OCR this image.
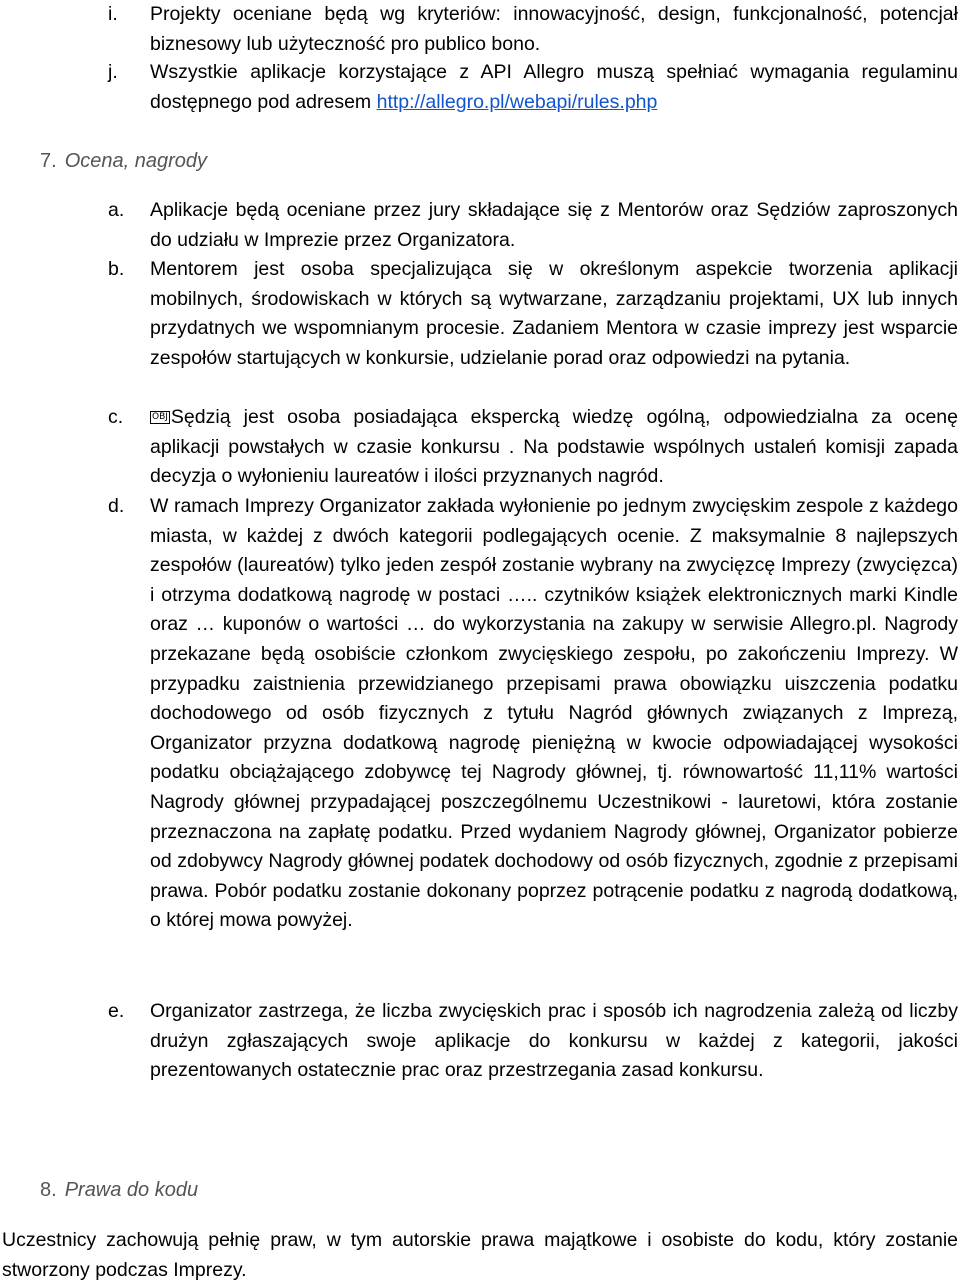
i.	Projekty oceniane będą wg kryteriów: innowacyjność, design, funkcjonalność, potencjał biznesowy lub użyteczność pro publico bono.
j.	Wszystkie aplikacje korzystające z API Allegro muszą spełniać wymagania regulaminu dostępnego pod adresem http://allegro.pl/webapi/rules.php
7. Ocena, nagrody
a.	Aplikacje będą oceniane przez jury składające się z Mentorów oraz Sędziów zaproszonych do udziału w Imprezie przez Organizatora.
b.	Mentorem jest osoba specjalizująca się w określonym aspekcie tworzenia aplikacji mobilnych, środowiskach w których są wytwarzane, zarządzaniu projektami, UX lub innych przydatnych we wspomnianym procesie. Zadaniem Mentora w czasie imprezy jest wsparcie zespołów startujących w konkursie, udzielanie porad oraz odpowiedzi na pytania.
c.	OBJ Sędzią jest osoba posiadająca ekspercką wiedzę ogólną, odpowiedzialna za ocenę aplikacji powstałych w czasie konkursu . Na podstawie wspólnych ustaleń komisji zapada decyzja o wyłonieniu laureatów i ilości przyznanych nagród.
d.	W ramach Imprezy Organizator zakłada wyłonienie po jednym zwycięskim zespole z każdego miasta, w każdej z dwóch kategorii podlegających ocenie. Z maksymalnie 8 najlepszych zespołów (laureatów) tylko jeden zespół zostanie wybrany na zwycięzcę Imprezy (zwycięzca) i otrzyma dodatkową nagrodę w postaci ….. czytników książek elektronicznych marki Kindle oraz … kuponów o wartości … do wykorzystania na zakupy w serwisie Allegro.pl. Nagrody przekazane będą osobiście członkom zwycięskiego zespołu, po zakończeniu Imprezy. W przypadku zaistnienia przewidzianego przepisami prawa obowiązku uiszczenia podatku dochodowego od osób fizycznych z tytułu Nagród głównych związanych z Imprezą, Organizator przyzna dodatkową nagrodę pieniężną w kwocie odpowiadającej wysokości podatku obciążającego zdobywcę tej Nagrody głównej, tj. równowartość 11,11% wartości Nagrody głównej przypadającej poszczególnemu Uczestnikowi - lauretowi, która zostanie przeznaczona na zapłatę podatku. Przed wydaniem Nagrody głównej, Organizator pobierze od zdobywcy Nagrody głównej podatek dochodowy od osób fizycznych, zgodnie z przepisami prawa. Pobór podatku zostanie dokonany poprzez potrącenie podatku z nagrodą dodatkową, o której mowa powyżej.
e.	Organizator zastrzega, że liczba zwycięskich prac i sposób ich nagrodzenia zależą od liczby drużyn zgłaszających swoje aplikacje do konkursu w każdej z kategorii, jakości prezentowanych ostatecznie prac oraz przestrzegania zasad konkursu.
8. Prawa do kodu
Uczestnicy zachowują pełnię praw, w tym autorskie prawa majątkowe i osobiste do kodu, który zostanie stworzony podczas Imprezy.
